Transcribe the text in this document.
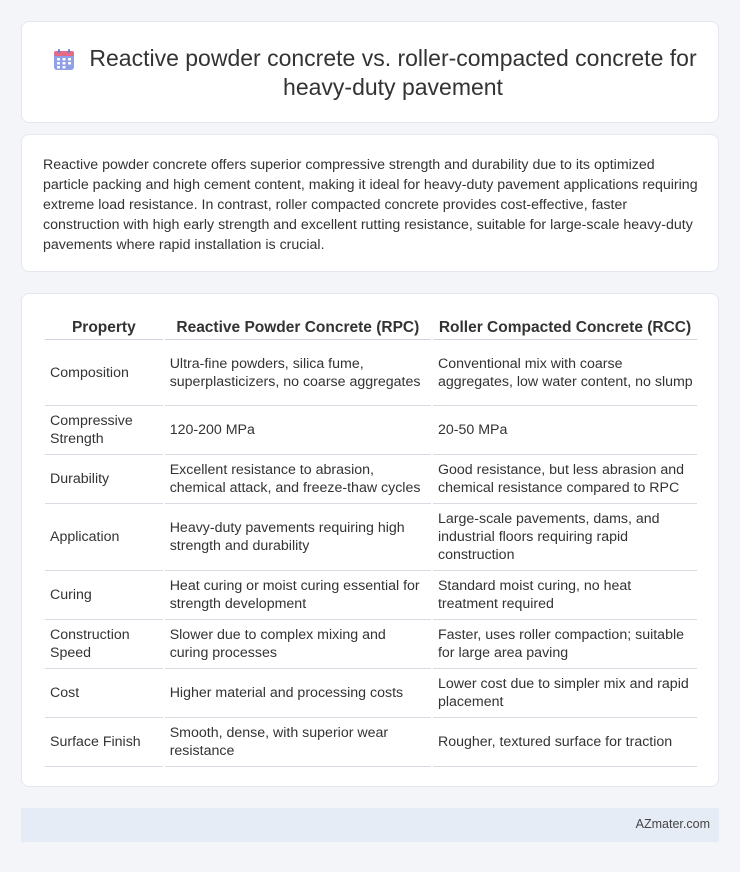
Reactive powder concrete vs. roller-compacted concrete for heavy-duty pavement

Reactive powder concrete offers superior compressive strength and durability due to its optimized particle packing and high cement content, making it ideal for heavy-duty pavement applications requiring extreme load resistance. In contrast, roller compacted concrete provides cost-effective, faster construction with high early strength and excellent rutting resistance, suitable for large-scale heavy-duty pavements where rapid installation is crucial.

Property	Reactive Powder Concrete (RPC)	Roller Compacted Concrete (RCC)
Composition	Ultra-fine powders, silica fume, superplasticizers, no coarse aggregates	Conventional mix with coarse aggregates, low water content, no slump
Compressive Strength	120-200 MPa	20-50 MPa
Durability	Excellent resistance to abrasion, chemical attack, and freeze-thaw cycles	Good resistance, but less abrasion and chemical resistance compared to RPC
Application	Heavy-duty pavements requiring high strength and durability	Large-scale pavements, dams, and industrial floors requiring rapid construction
Curing	Heat curing or moist curing essential for strength development	Standard moist curing, no heat treatment required
Construction Speed	Slower due to complex mixing and curing processes	Faster, uses roller compaction; suitable for large area paving
Cost	Higher material and processing costs	Lower cost due to simpler mix and rapid placement
Surface Finish	Smooth, dense, with superior wear resistance	Rougher, textured surface for traction
AZmater.com
